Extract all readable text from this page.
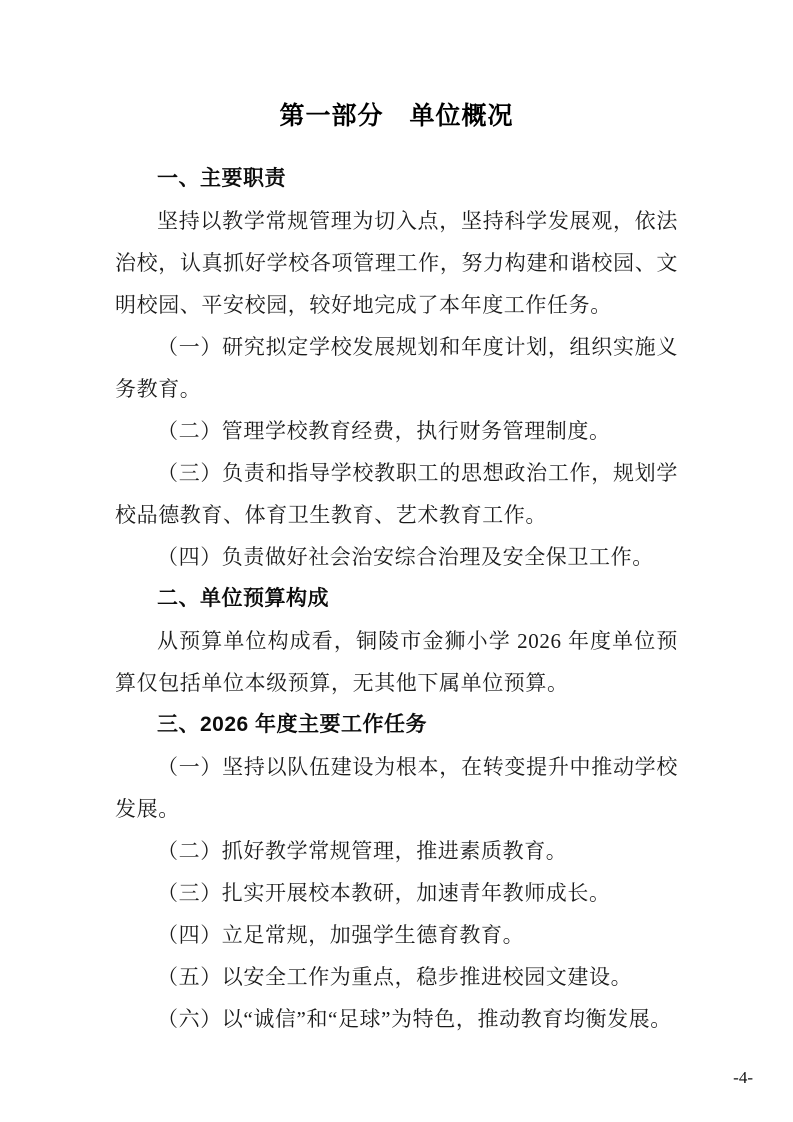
第一部分　单位概况
一、主要职责

坚持以教学常规管理为切入点，坚持科学发展观，依法治校，认真抓好学校各项管理工作，努力构建和谐校园、文明校园、平安校园，较好地完成了本年度工作任务。

（一）研究拟定学校发展规划和年度计划，组织实施义务教育。

（二）管理学校教育经费，执行财务管理制度。

（三）负责和指导学校教职工的思想政治工作，规划学校品德教育、体育卫生教育、艺术教育工作。

（四）负责做好社会治安综合治理及安全保卫工作。

二、单位预算构成

从预算单位构成看，铜陵市金狮小学 2026 年度单位预算仅包括单位本级预算，无其他下属单位预算。

三、2026 年度主要工作任务

（一）坚持以队伍建设为根本，在转变提升中推动学校发展。

（二）抓好教学常规管理，推进素质教育。

（三）扎实开展校本教研，加速青年教师成长。

（四）立足常规，加强学生德育教育。

（五）以安全工作为重点，稳步推进校园文建设。

（六）以“诚信”和“足球”为特色，推动教育均衡发展。

-4-
